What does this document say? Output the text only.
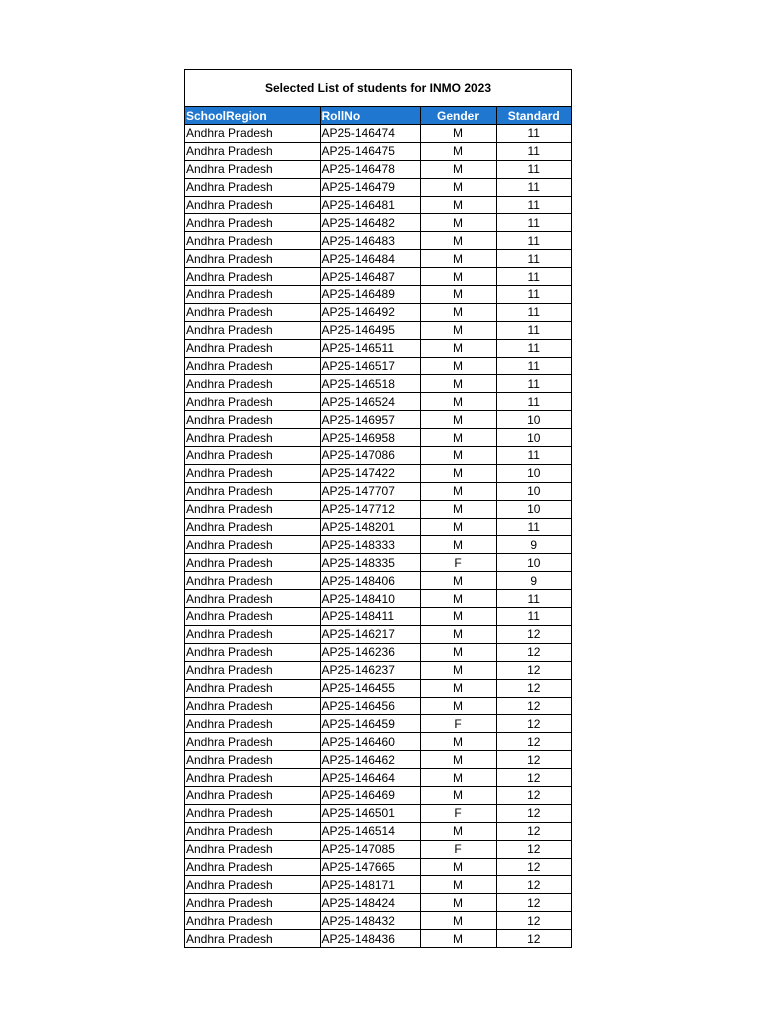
Selected List of students for INMO 2023
SchoolRegion	RollNo	Gender	Standard
Andhra Pradesh	AP25-146474	M	11
Andhra Pradesh	AP25-146475	M	11
Andhra Pradesh	AP25-146478	M	11
Andhra Pradesh	AP25-146479	M	11
Andhra Pradesh	AP25-146481	M	11
Andhra Pradesh	AP25-146482	M	11
Andhra Pradesh	AP25-146483	M	11
Andhra Pradesh	AP25-146484	M	11
Andhra Pradesh	AP25-146487	M	11
Andhra Pradesh	AP25-146489	M	11
Andhra Pradesh	AP25-146492	M	11
Andhra Pradesh	AP25-146495	M	11
Andhra Pradesh	AP25-146511	M	11
Andhra Pradesh	AP25-146517	M	11
Andhra Pradesh	AP25-146518	M	11
Andhra Pradesh	AP25-146524	M	11
Andhra Pradesh	AP25-146957	M	10
Andhra Pradesh	AP25-146958	M	10
Andhra Pradesh	AP25-147086	M	11
Andhra Pradesh	AP25-147422	M	10
Andhra Pradesh	AP25-147707	M	10
Andhra Pradesh	AP25-147712	M	10
Andhra Pradesh	AP25-148201	M	11
Andhra Pradesh	AP25-148333	M	9
Andhra Pradesh	AP25-148335	F	10
Andhra Pradesh	AP25-148406	M	9
Andhra Pradesh	AP25-148410	M	11
Andhra Pradesh	AP25-148411	M	11
Andhra Pradesh	AP25-146217	M	12
Andhra Pradesh	AP25-146236	M	12
Andhra Pradesh	AP25-146237	M	12
Andhra Pradesh	AP25-146455	M	12
Andhra Pradesh	AP25-146456	M	12
Andhra Pradesh	AP25-146459	F	12
Andhra Pradesh	AP25-146460	M	12
Andhra Pradesh	AP25-146462	M	12
Andhra Pradesh	AP25-146464	M	12
Andhra Pradesh	AP25-146469	M	12
Andhra Pradesh	AP25-146501	F	12
Andhra Pradesh	AP25-146514	M	12
Andhra Pradesh	AP25-147085	F	12
Andhra Pradesh	AP25-147665	M	12
Andhra Pradesh	AP25-148171	M	12
Andhra Pradesh	AP25-148424	M	12
Andhra Pradesh	AP25-148432	M	12
Andhra Pradesh	AP25-148436	M	12
